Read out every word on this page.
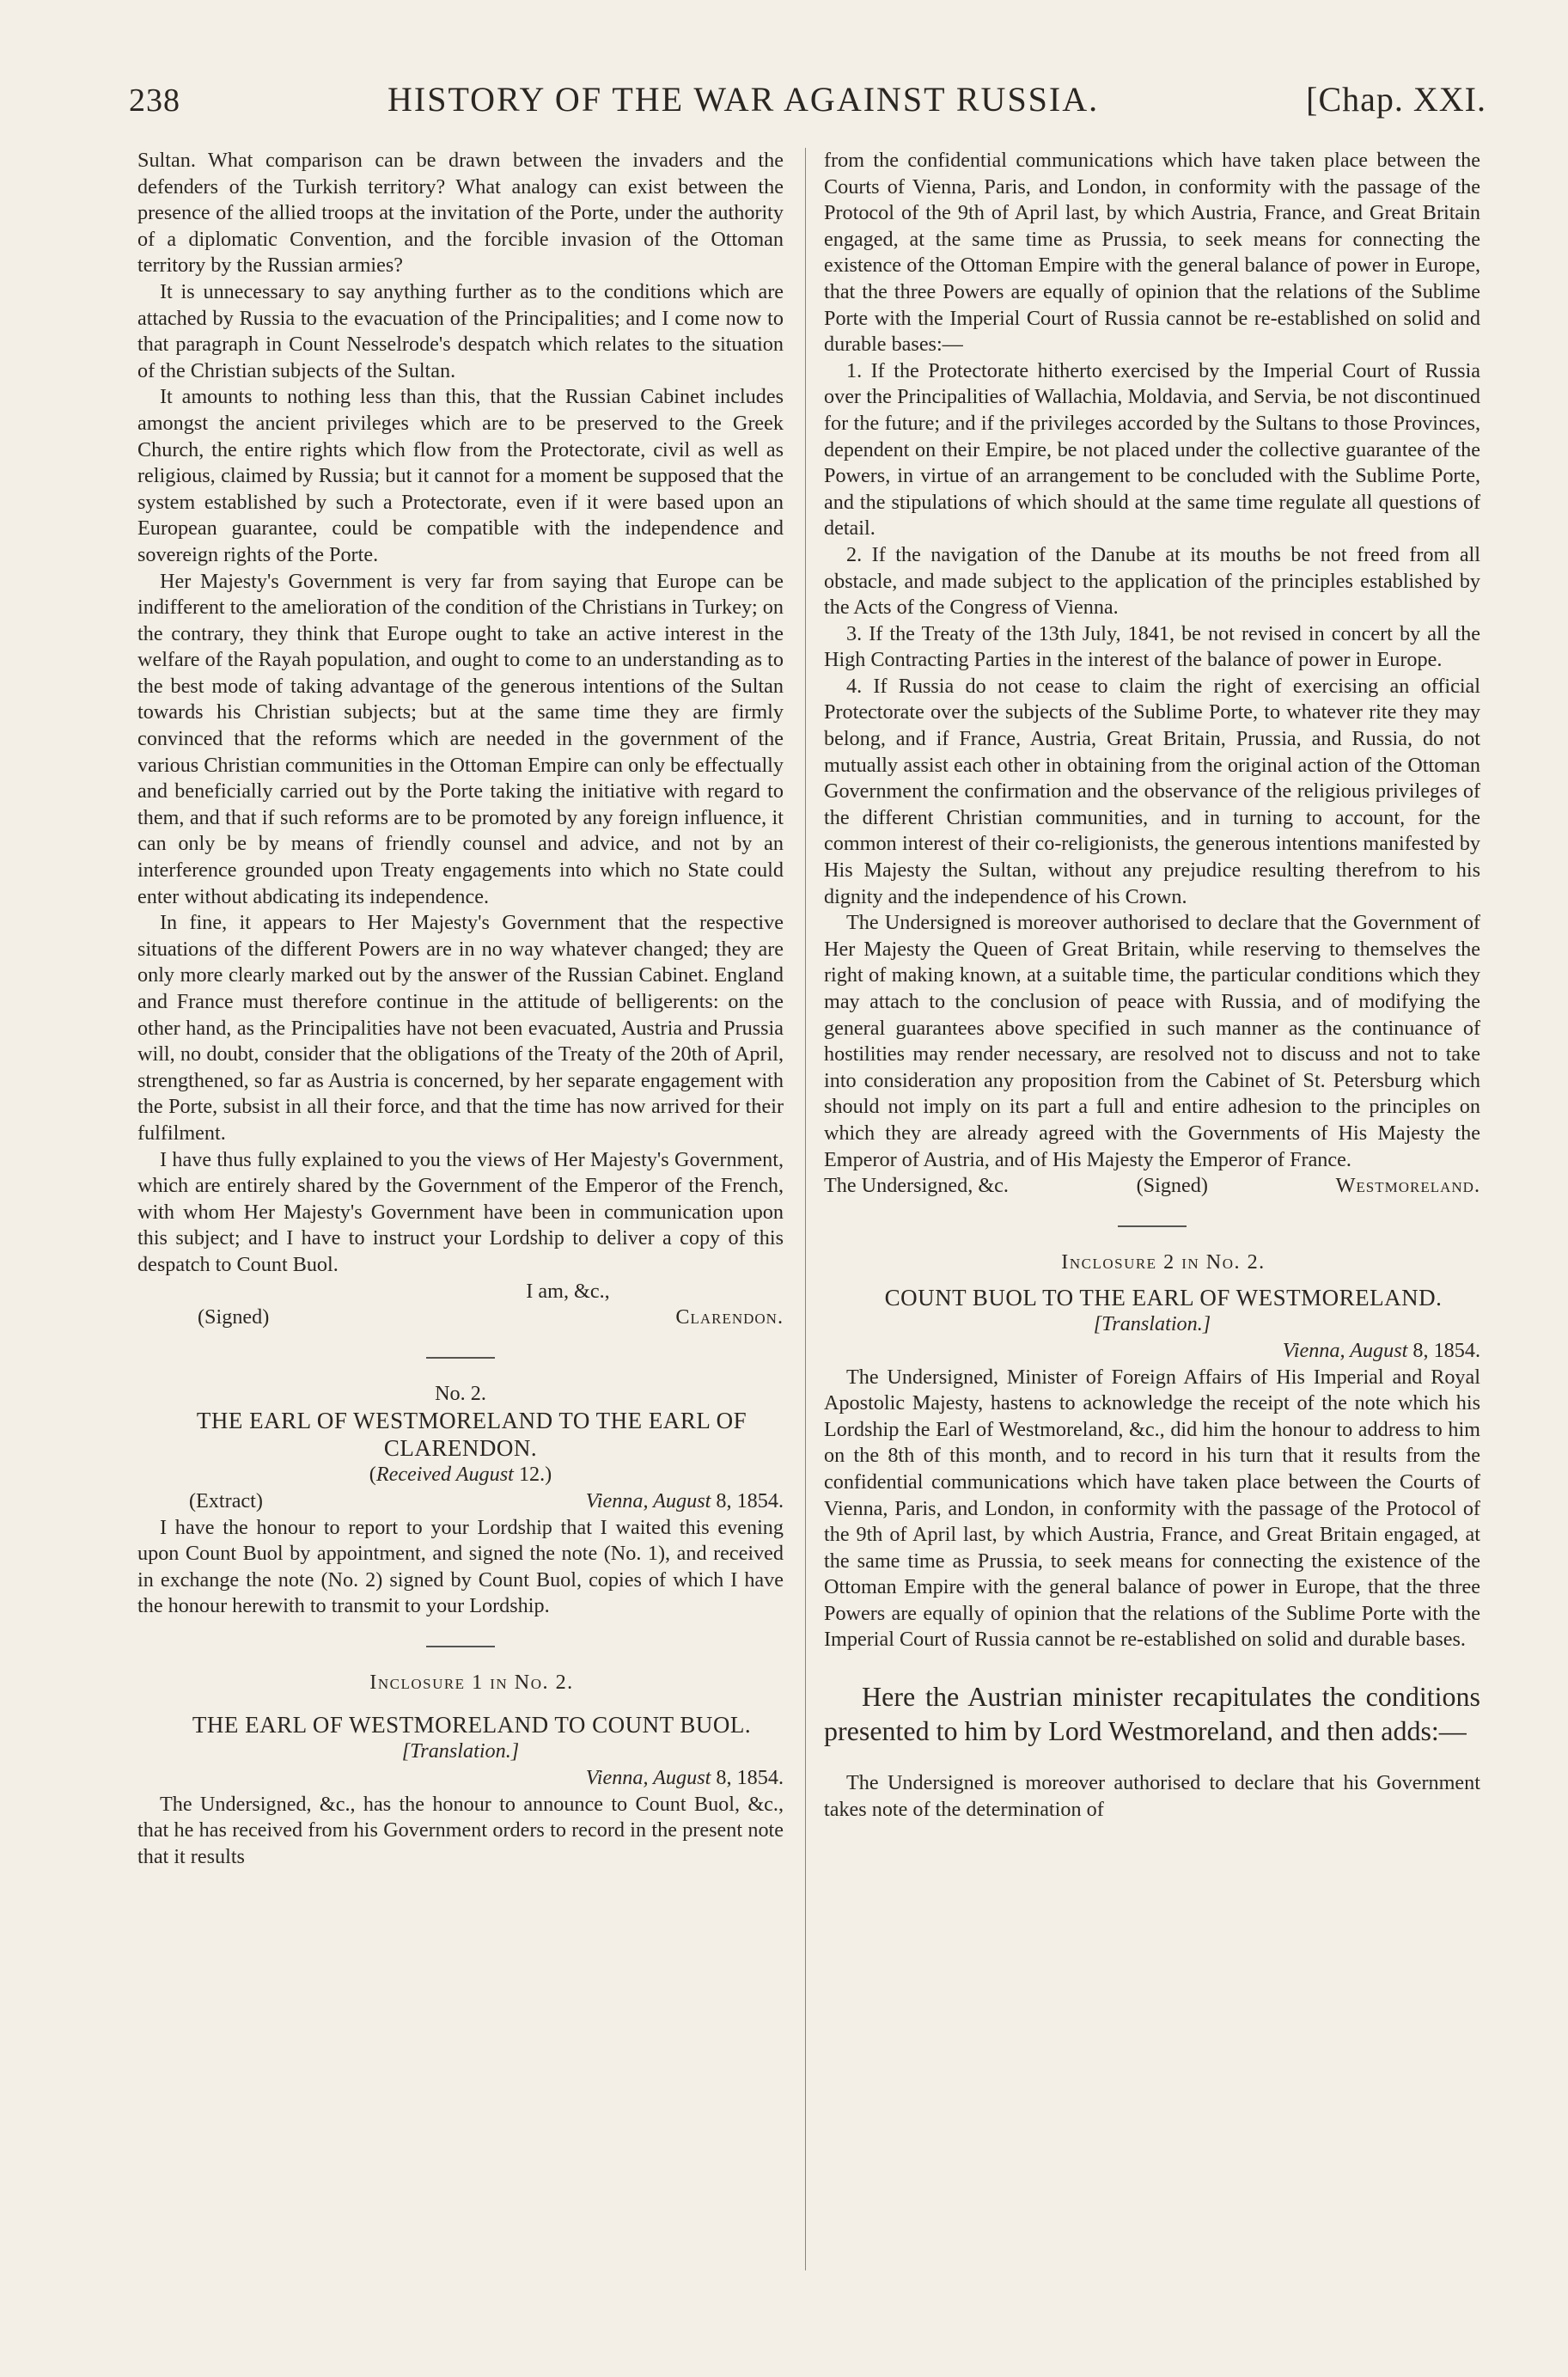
238	HISTORY OF THE WAR AGAINST RUSSIA.	[Chap. XXI.

Sultan. What comparison can be drawn between the invaders and the defenders of the Turkish territory? What analogy can exist between the presence of the allied troops at the invitation of the Porte, under the authority of a diplomatic Convention, and the forcible invasion of the Ottoman territory by the Russian armies?

It is unnecessary to say anything further as to the conditions which are attached by Russia to the evacuation of the Principalities; and I come now to that paragraph in Count Nesselrode's despatch which relates to the situation of the Christian subjects of the Sultan.

It amounts to nothing less than this, that the Russian Cabinet includes amongst the ancient privileges which are to be preserved to the Greek Church, the entire rights which flow from the Protectorate, civil as well as religious, claimed by Russia; but it cannot for a moment be supposed that the system established by such a Protectorate, even if it were based upon an European guarantee, could be compatible with the independence and sovereign rights of the Porte.

Her Majesty's Government is very far from saying that Europe can be indifferent to the amelioration of the condition of the Christians in Turkey; on the contrary, they think that Europe ought to take an active interest in the welfare of the Rayah population, and ought to come to an understanding as to the best mode of taking advantage of the generous intentions of the Sultan towards his Christian subjects; but at the same time they are firmly convinced that the reforms which are needed in the government of the various Christian communities in the Ottoman Empire can only be effectually and beneficially carried out by the Porte taking the initiative with regard to them, and that if such reforms are to be promoted by any foreign influence, it can only be by means of friendly counsel and advice, and not by an interference grounded upon Treaty engagements into which no State could enter without abdicating its independence.

In fine, it appears to Her Majesty's Government that the respective situations of the different Powers are in no way whatever changed; they are only more clearly marked out by the answer of the Russian Cabinet. England and France must therefore continue in the attitude of belligerents: on the other hand, as the Principalities have not been evacuated, Austria and Prussia will, no doubt, consider that the obligations of the Treaty of the 20th of April, strengthened, so far as Austria is concerned, by her separate engagement with the Porte, subsist in all their force, and that the time has now arrived for their fulfilment.

I have thus fully explained to you the views of Her Majesty's Government, which are entirely shared by the Government of the Emperor of the French, with whom Her Majesty's Government have been in communication upon this subject; and I have to instruct your Lordship to deliver a copy of this despatch to Count Buol.

I am, &c.,

(Signed)	Clarendon.

No. 2.

THE EARL OF WESTMORELAND TO THE EARL OF CLARENDON.

(Received August 12.)

(Extract)	Vienna, August 8, 1854.

I have the honour to report to your Lordship that I waited this evening upon Count Buol by appointment, and signed the note (No. 1), and received in exchange the note (No. 2) signed by Count Buol, copies of which I have the honour herewith to transmit to your Lordship.

Inclosure 1 in No. 2.

THE EARL OF WESTMORELAND TO COUNT BUOL.

[Translation.]

Vienna, August 8, 1854.

The Undersigned, &c., has the honour to announce to Count Buol, &c., that he has received from his Government orders to record in the present note that it results

from the confidential communications which have taken place between the Courts of Vienna, Paris, and London, in conformity with the passage of the Protocol of the 9th of April last, by which Austria, France, and Great Britain engaged, at the same time as Prussia, to seek means for connecting the existence of the Ottoman Empire with the general balance of power in Europe, that the three Powers are equally of opinion that the relations of the Sublime Porte with the Imperial Court of Russia cannot be re-established on solid and durable bases:—

1. If the Protectorate hitherto exercised by the Imperial Court of Russia over the Principalities of Wallachia, Moldavia, and Servia, be not discontinued for the future; and if the privileges accorded by the Sultans to those Provinces, dependent on their Empire, be not placed under the collective guarantee of the Powers, in virtue of an arrangement to be concluded with the Sublime Porte, and the stipulations of which should at the same time regulate all questions of detail.

2. If the navigation of the Danube at its mouths be not freed from all obstacle, and made subject to the application of the principles established by the Acts of the Congress of Vienna.

3. If the Treaty of the 13th July, 1841, be not revised in concert by all the High Contracting Parties in the interest of the balance of power in Europe.

4. If Russia do not cease to claim the right of exercising an official Protectorate over the subjects of the Sublime Porte, to whatever rite they may belong, and if France, Austria, Great Britain, Prussia, and Russia, do not mutually assist each other in obtaining from the original action of the Ottoman Government the confirmation and the observance of the religious privileges of the different Christian communities, and in turning to account, for the common interest of their co-religionists, the generous intentions manifested by His Majesty the Sultan, without any prejudice resulting therefrom to his dignity and the independence of his Crown.

The Undersigned is moreover authorised to declare that the Government of Her Majesty the Queen of Great Britain, while reserving to themselves the right of making known, at a suitable time, the particular conditions which they may attach to the conclusion of peace with Russia, and of modifying the general guarantees above specified in such manner as the continuance of hostilities may render necessary, are resolved not to discuss and not to take into consideration any proposition from the Cabinet of St. Petersburg which should not imply on its part a full and entire adhesion to the principles on which they are already agreed with the Governments of His Majesty the Emperor of Austria, and of His Majesty the Emperor of France.

The Undersigned, &c.	(Signed)	Westmoreland.

Inclosure 2 in No. 2.

COUNT BUOL TO THE EARL OF WESTMORELAND.

[Translation.]

Vienna, August 8, 1854.

The Undersigned, Minister of Foreign Affairs of His Imperial and Royal Apostolic Majesty, hastens to acknowledge the receipt of the note which his Lordship the Earl of Westmoreland, &c., did him the honour to address to him on the 8th of this month, and to record in his turn that it results from the confidential communications which have taken place between the Courts of Vienna, Paris, and London, in conformity with the passage of the Protocol of the 9th of April last, by which Austria, France, and Great Britain engaged, at the same time as Prussia, to seek means for connecting the existence of the Ottoman Empire with the general balance of power in Europe, that the three Powers are equally of opinion that the relations of the Sublime Porte with the Imperial Court of Russia cannot be re-established on solid and durable bases.

Here the Austrian minister recapitulates the conditions presented to him by Lord Westmoreland, and then adds:—

The Undersigned is moreover authorised to declare that his Government takes note of the determination of
